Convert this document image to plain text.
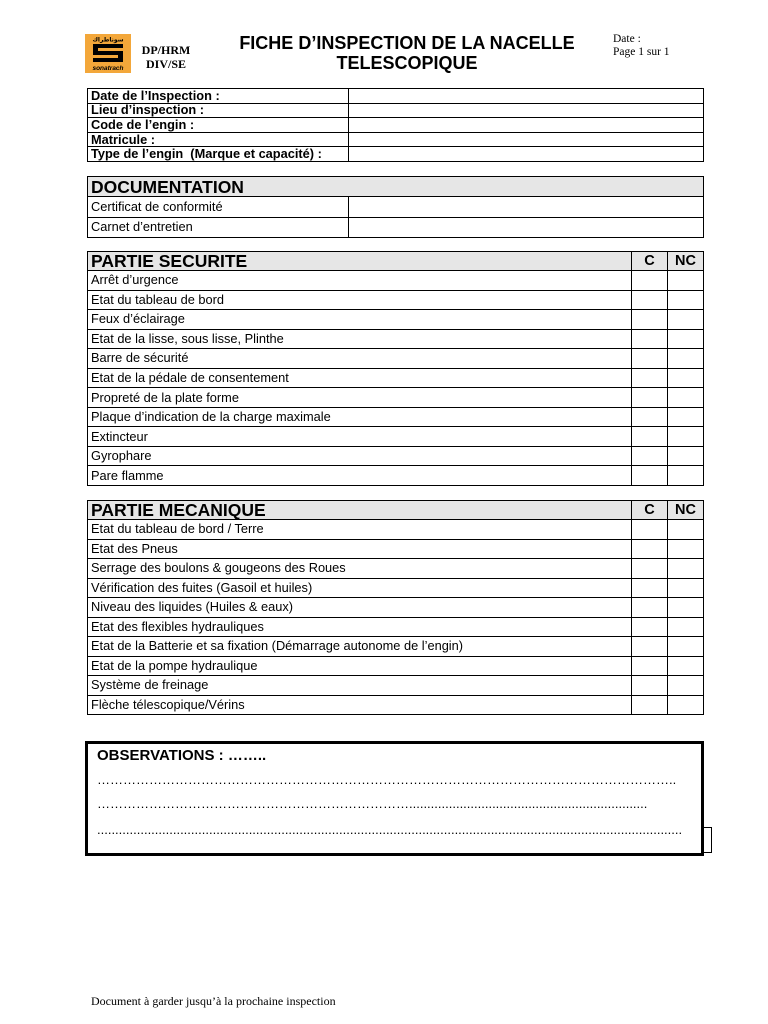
سوناطراك
sonatrach
DP/HRM
DIV/SE
FICHE D’INSPECTION DE LA NACELLE
TELESCOPIQUE
Date :
Page 1 sur 1
Date de l’Inspection :
Lieu d’inspection :
Code de l’engin :
Matricule :
Type de l’engin  (Marque et capacité) :
DOCUMENTATION
Certificat de conformité
Carnet d’entretien
PARTIE SECURITE	C	NC
Arrêt d’urgence
Etat du tableau de bord
Feux d’éclairage
Etat de la lisse, sous lisse, Plinthe
Barre de sécurité
Etat de la pédale de consentement
Propreté de la plate forme
Plaque d’indication de la charge maximale
Extincteur
Gyrophare
Pare flamme
PARTIE MECANIQUE	C	NC
Etat du tableau de bord / Terre
Etat des Pneus
Serrage des boulons & gougeons des Roues
Vérification des fuites (Gasoil et huiles)
Niveau des liquides (Huiles & eaux)
Etat des flexibles hydrauliques
Etat de la Batterie et sa fixation (Démarrage autonome de l’engin)
Etat de la pompe hydraulique
Système de freinage
Flèche télescopique/Vérins
OBSERVATIONS : ……..
……………………………………………………………………………………………………………………..
………………………………………………………………..................................................................
..................................................................................................................................................................
Document à garder jusqu’à la prochaine inspection
